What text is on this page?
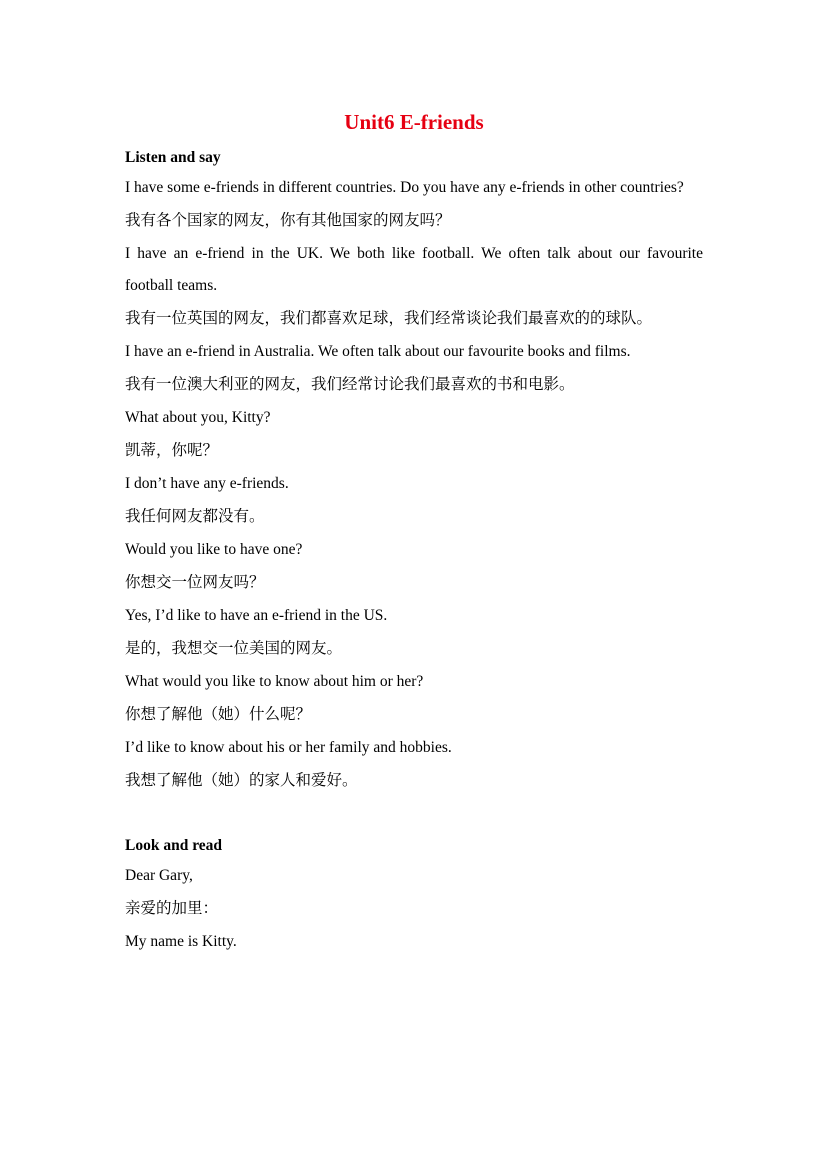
Unit6 E-friends

Listen and say

I have some e-friends in different countries. Do you have any e-friends in other countries?

我有各个国家的网友，你有其他国家的网友吗？

I have an e-friend in the UK. We both like football. We often talk about our favourite football teams.

我有一位英国的网友，我们都喜欢足球，我们经常谈论我们最喜欢的的球队。

I have an e-friend in Australia. We often talk about our favourite books and films.

我有一位澳大利亚的网友，我们经常讨论我们最喜欢的书和电影。

What about you, Kitty?

凯蒂，你呢？

I don’t have any e-friends.

我任何网友都没有。

Would you like to have one?

你想交一位网友吗？

Yes, I’d like to have an e-friend in the US.

是的，我想交一位美国的网友。

What would you like to know about him or her?

你想了解他（她）什么呢？

I’d like to know about his or her family and hobbies.

我想了解他（她）的家人和爱好。

Look and read

Dear Gary,

亲爱的加里：

My name is Kitty.
